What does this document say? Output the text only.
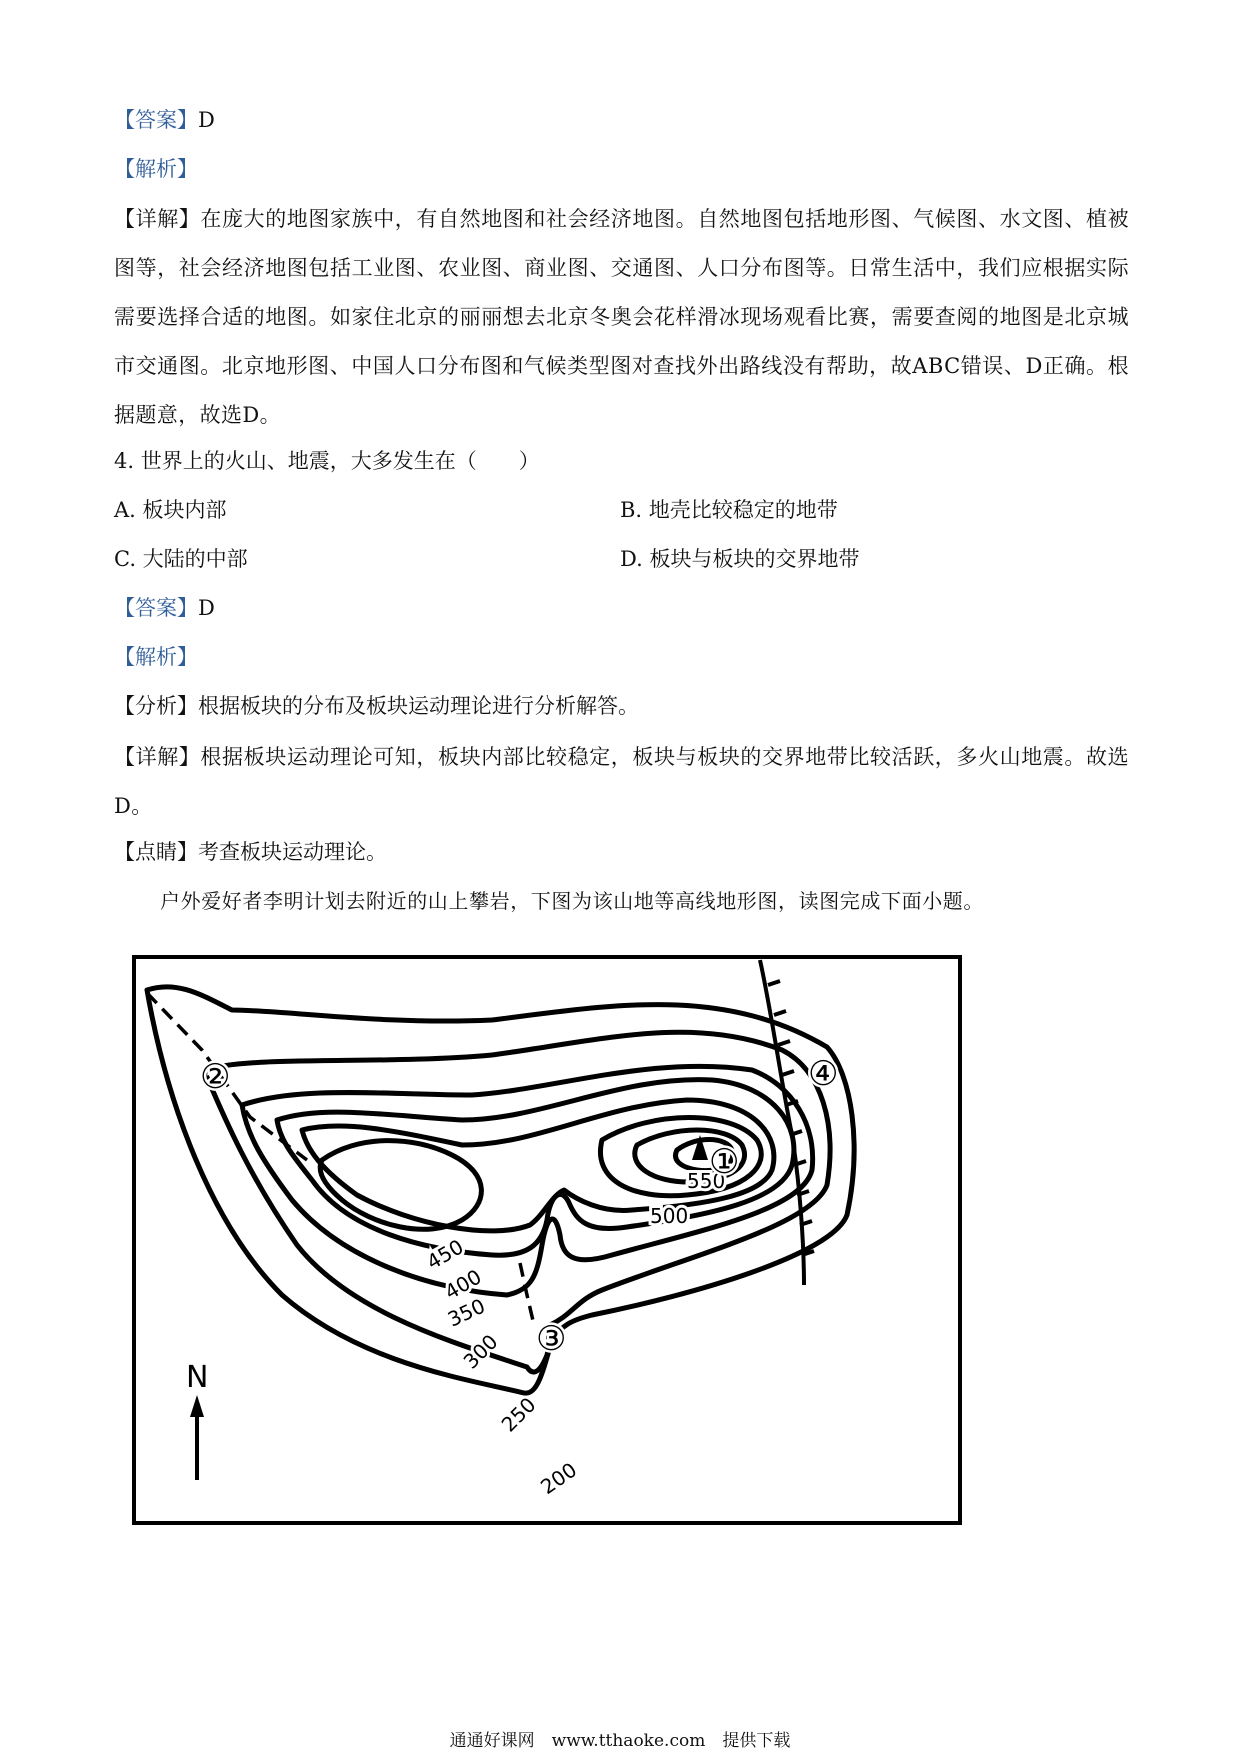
【答案】D
【解析】
【详解】在庞大的地图家族中，有自然地图和社会经济地图。自然地图包括地形图、气候图、水文图、植被图等，社会经济地图包括工业图、农业图、商业图、交通图、人口分布图等。日常生活中，我们应根据实际需要选择合适的地图。如家住北京的丽丽想去北京冬奥会花样滑冰现场观看比赛，需要查阅的地图是北京城市交通图。北京地形图、中国人口分布图和气候类型图对查找外出路线没有帮助，故ABC错误、D正确。根据题意，故选D。
4. 世界上的火山、地震，大多发生在（　　）
A. 板块内部	B. 地壳比较稳定的地带
C. 大陆的中部	D. 板块与板块的交界地带
【答案】D
【解析】
【分析】根据板块的分布及板块运动理论进行分析解答。
【详解】根据板块运动理论可知，板块内部比较稳定，板块与板块的交界地带比较活跃，多火山地震。故选D。
【点睛】考查板块运动理论。
户外爱好者李明计划去附近的山上攀岩，下图为该山地等高线地形图，读图完成下面小题。
550
500
450
400
350
300
250
200
①
②
③
④
N
通通好课网　www.tthaoke.com　提供下载
